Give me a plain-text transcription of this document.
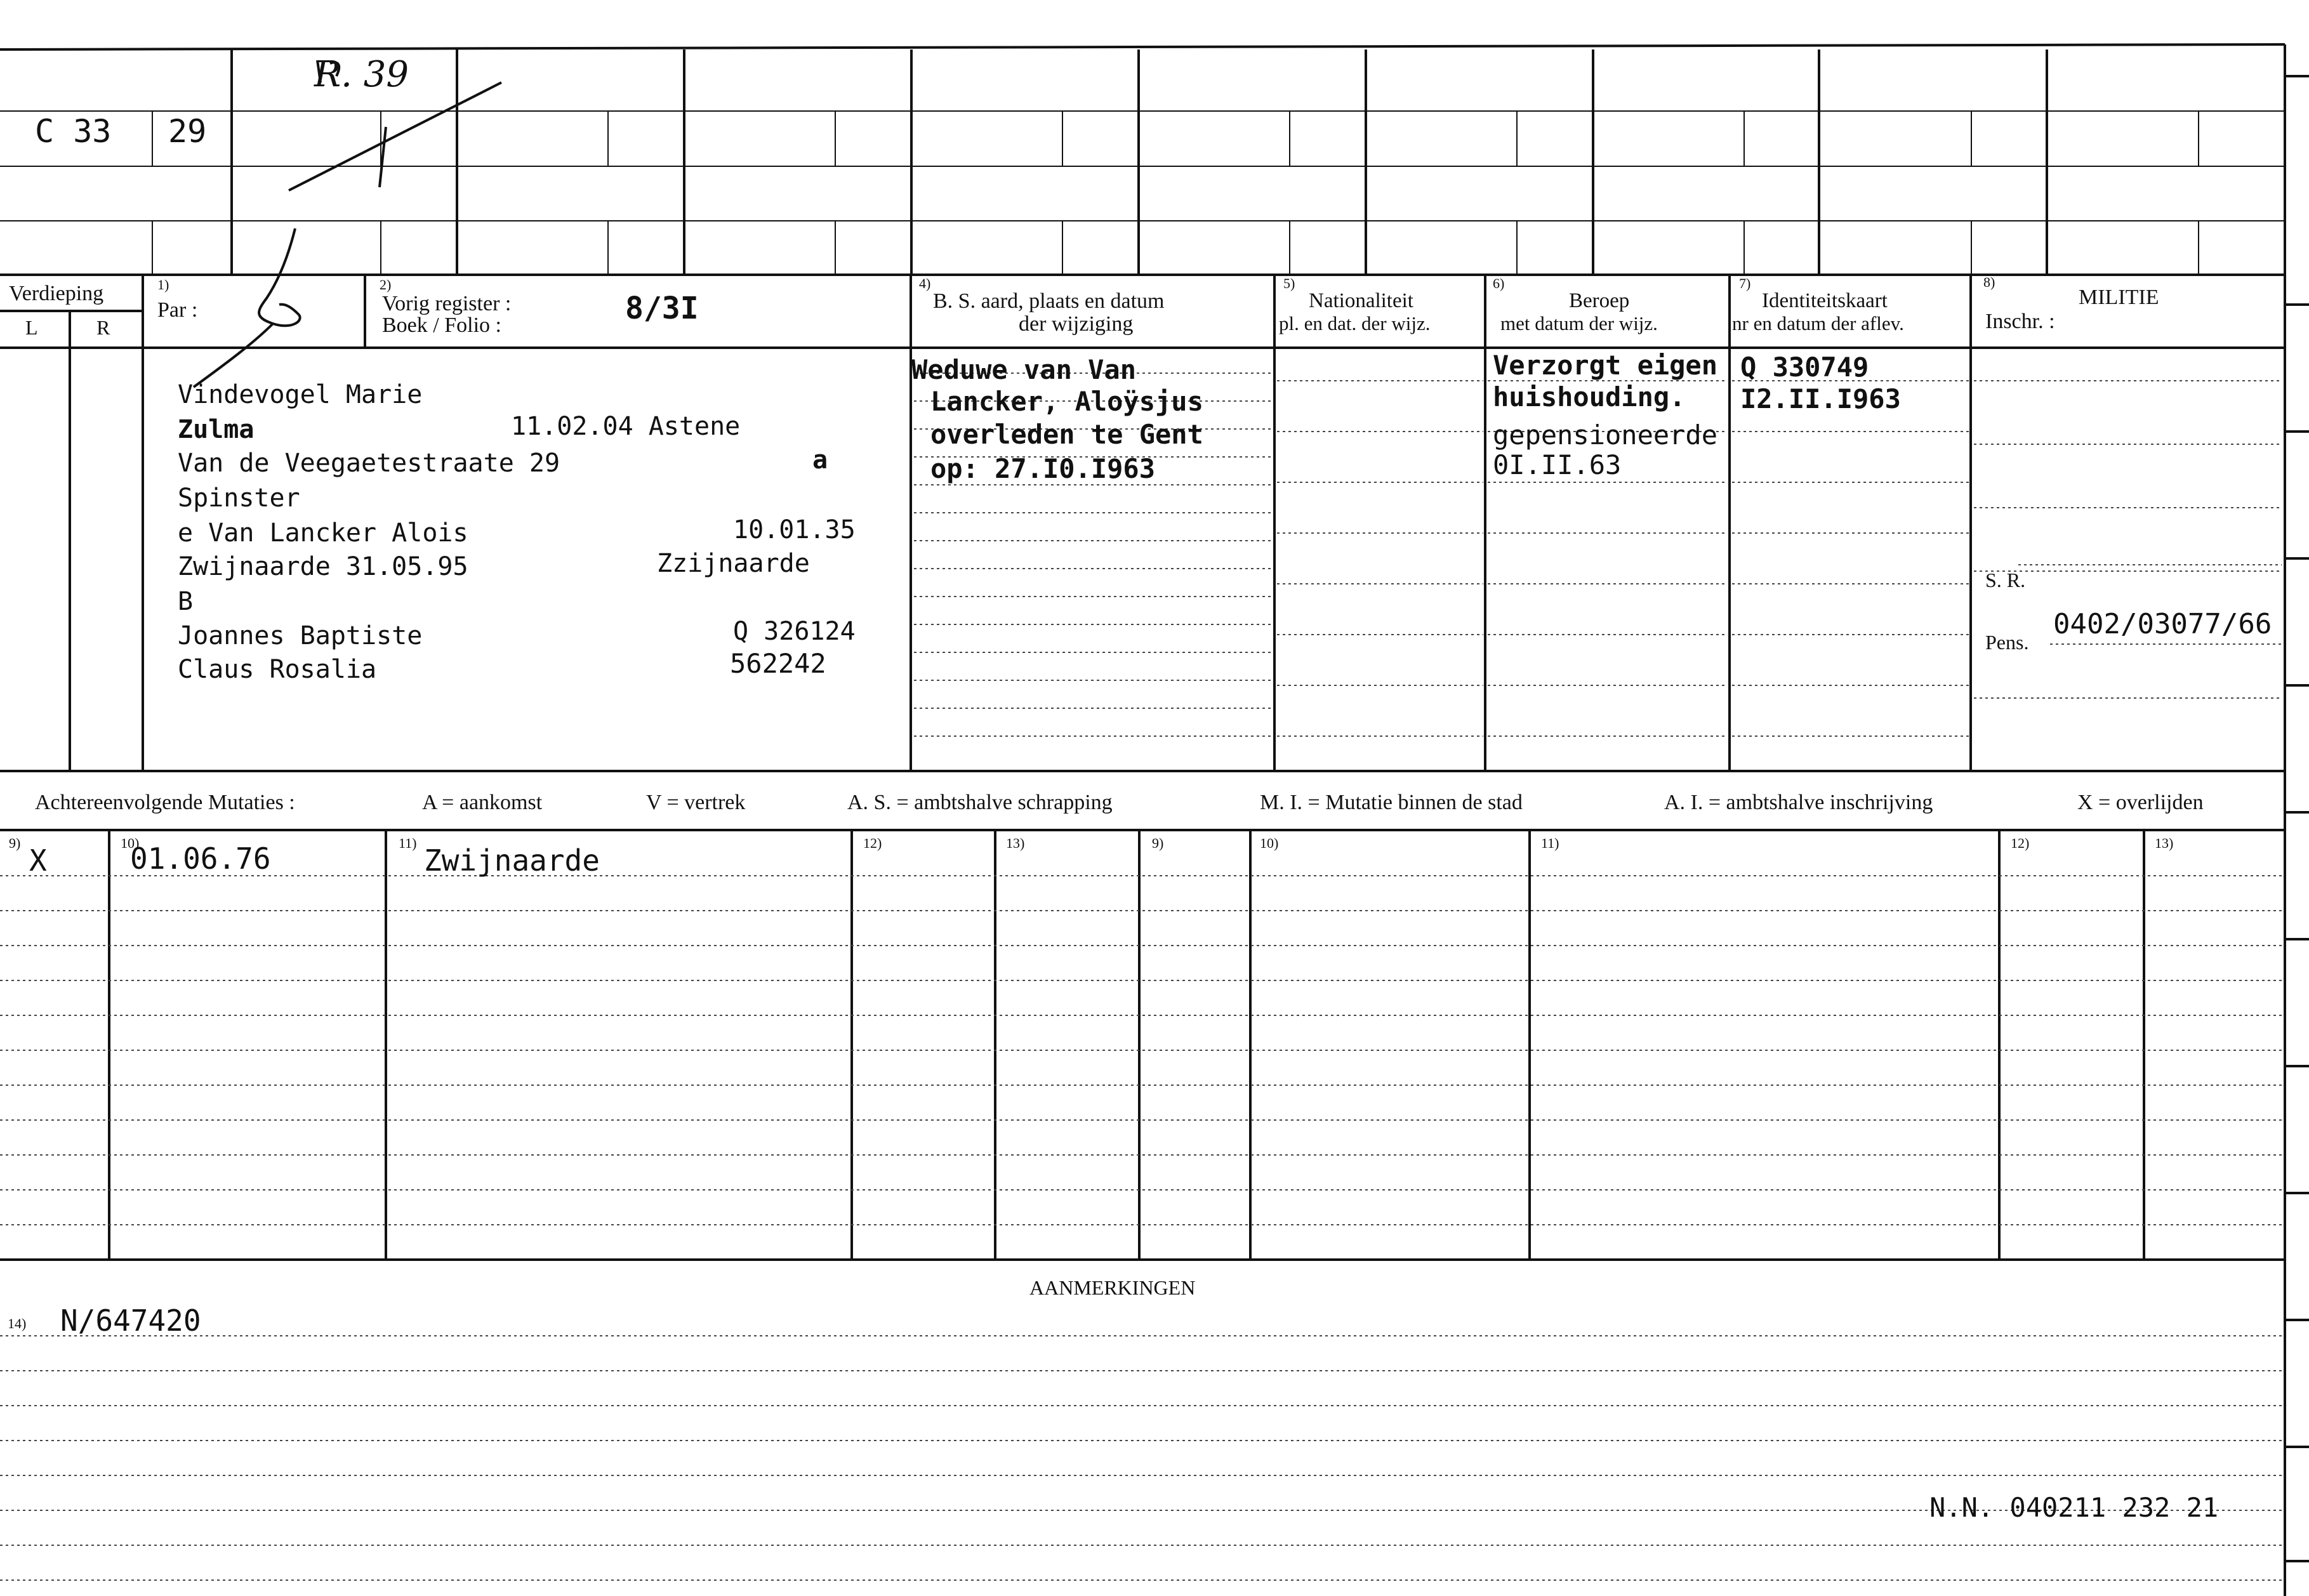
C 33 29
R. 39
Verdieping
L	R
1)
Par :
2)
Vorig register :
Boek / Folio :	8/3I
4)
B. S. aard, plaats en datum
der wijziging
5)
Nationaliteit
pl. en dat. der wijz.
6)
Beroep
met datum der wijz.
7)
Identiteitskaart
nr en datum der aflev.
8)
MILITIE
Inschr. :
Vindevogel Marie
Zulma	11.02.04 Astene
Van de Veegaetestraate 29	a
Spinster
e Van Lancker Alois	10.01.35
Zwijnaarde 31.05.95	Zzijnaarde
B
Joannes Baptiste	Q 326124
Claus Rosalia	562242
Weduwe van Van
Lancker, Aloÿsjus
overleden te Gent
op: 27.I0.I963
Verzorgt eigen
huishouding.
gepensioneerde
0I.II.63
Q 330749
I2.II.I963
S. R.
Pens.
0402/03077/66
Achtereenvolgende Mutaties :	A = aankomst	V = vertrek	A. S. = ambtshalve schrapping	M. I. = Mutatie binnen de stad	A. I. = ambtshalve inschrijving	X = overlijden
9)	10)	11)	12)	13)	9)	10)	11)	12)	13)
X	01.06.76	Zwijnaarde
AANMERKINGEN
14) N/647420
N.N. 040211 232 21
